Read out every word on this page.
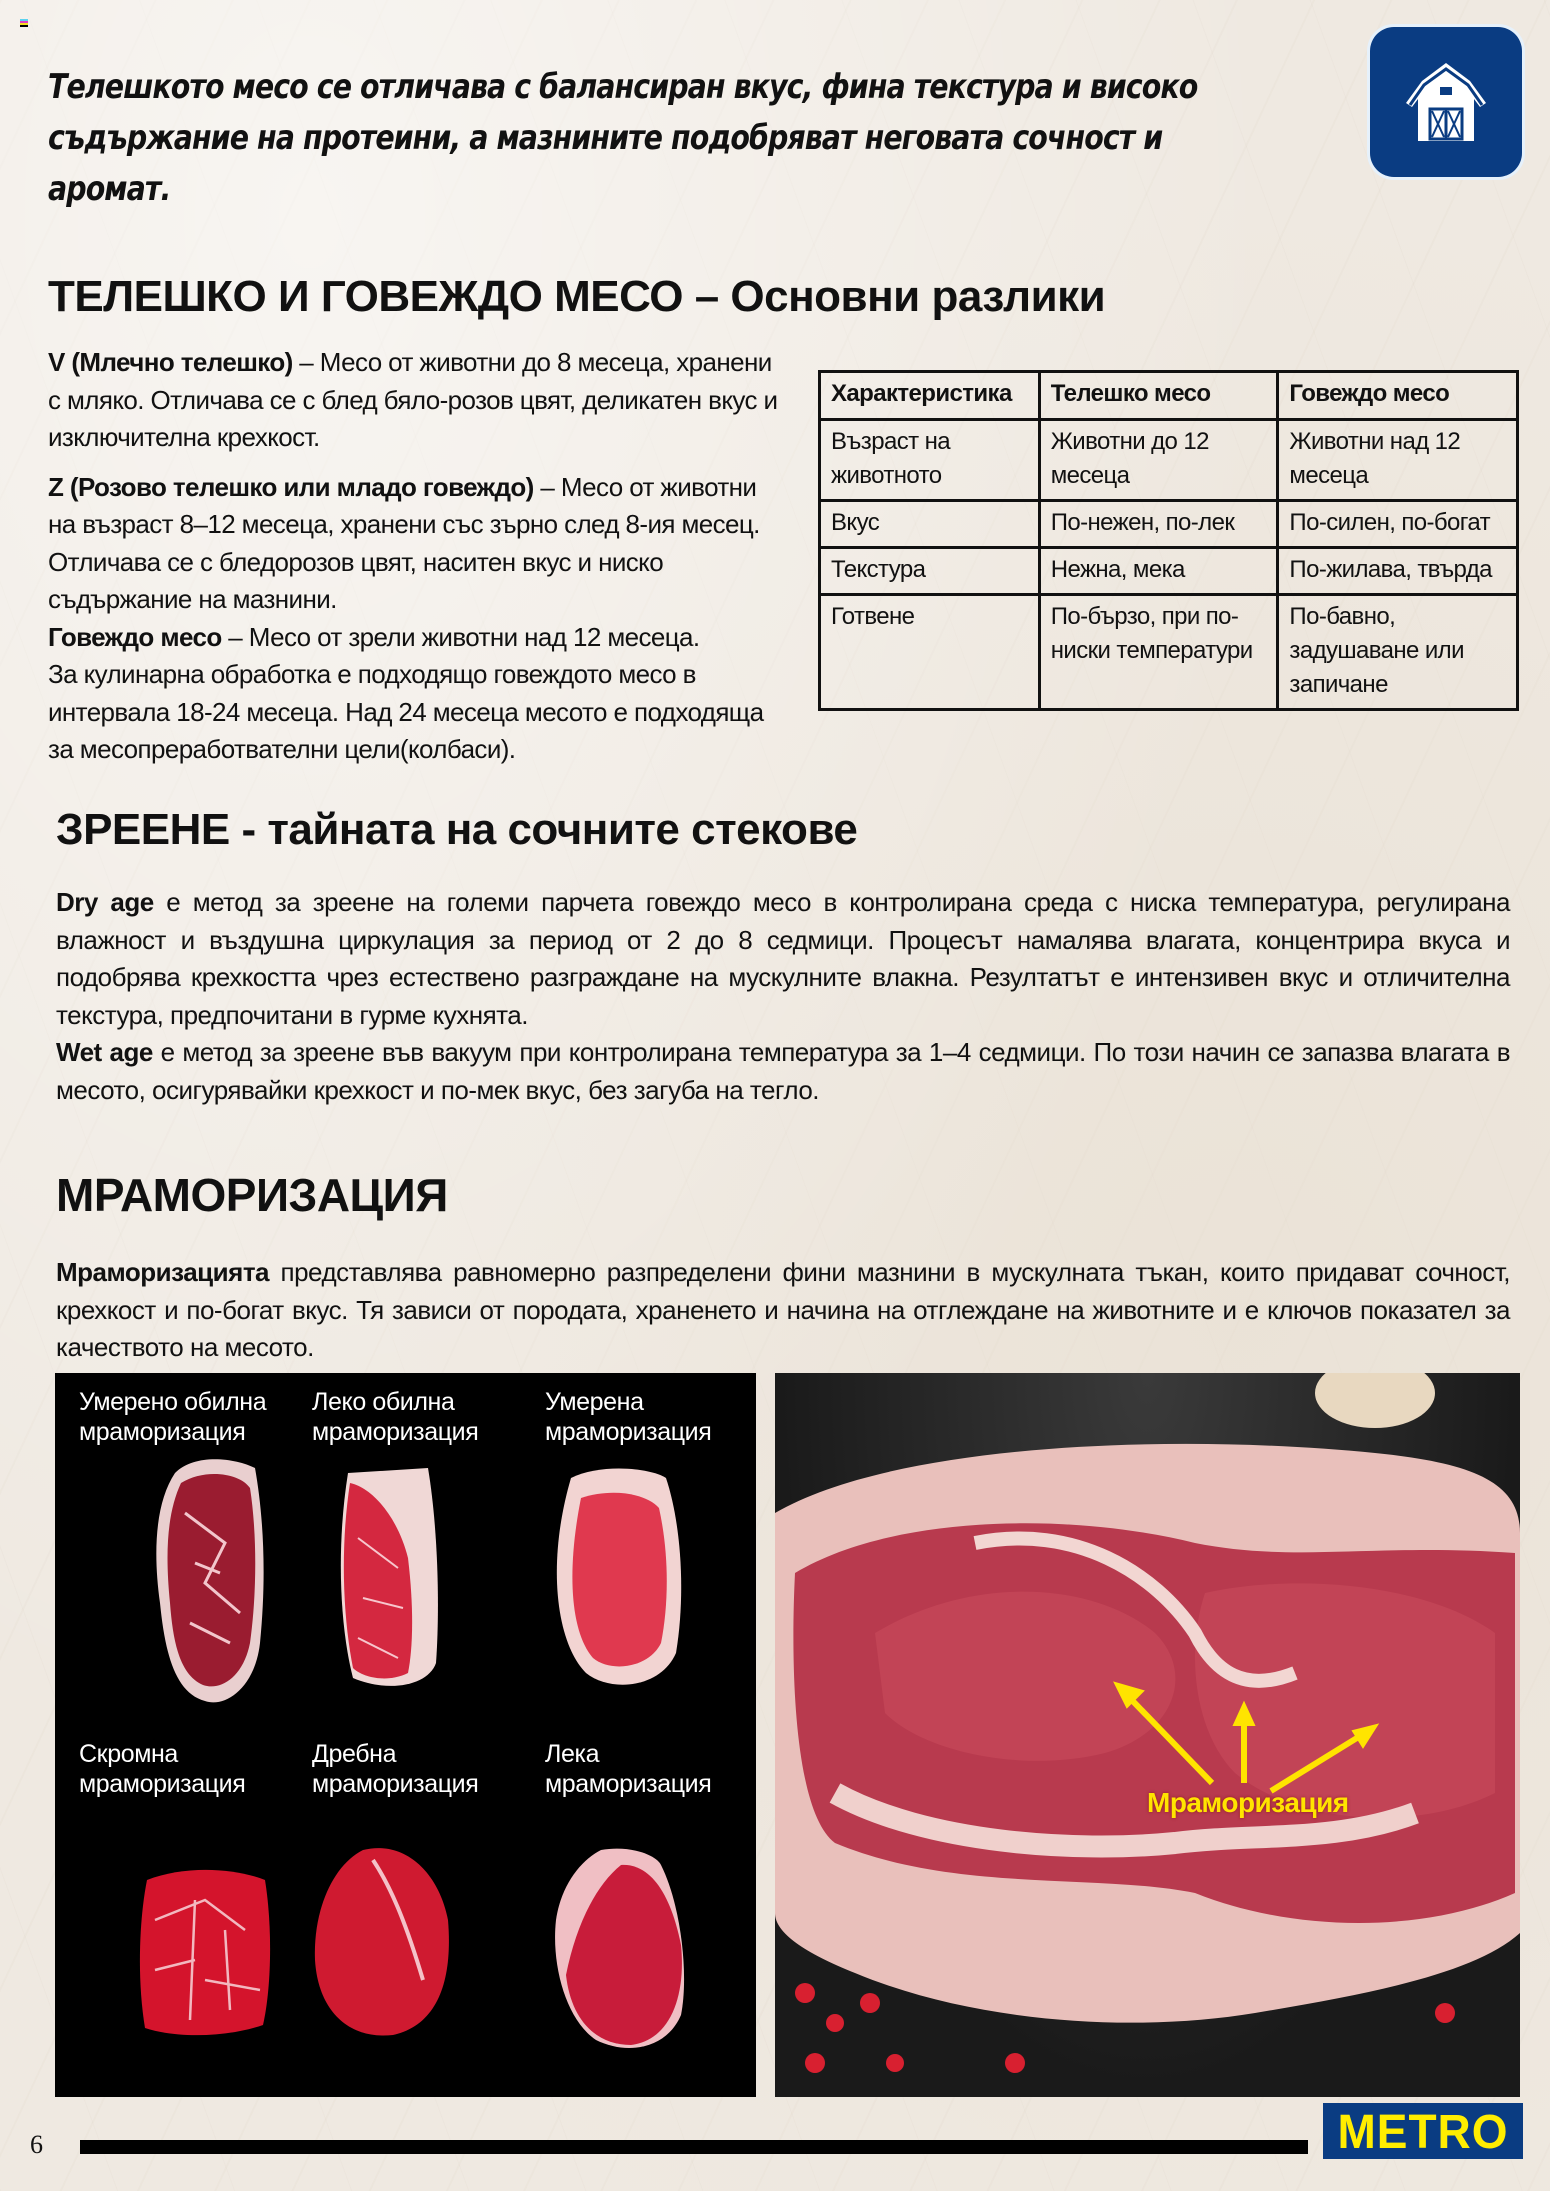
Телешкото месо се отличава с балансиран вкус, фина текстура и високо съдържание на протеини, а мазнините подобряват неговата сочност и аромат.
ТЕЛЕШКО И ГОВЕЖДО МЕСО – Основни разлики

V (Млечно телешко) – Месо от животни до 8 месеца, хранени с мляко. Отличава се с блед бяло-розов цвят, деликатен вкус и изключителна крехкост.

Z (Розово телешко или младо говеждо) – Месо от животни на възраст 8–12 месеца, хранени със зърно след 8-ия месец. Отличава се с бледорозов цвят, наситен вкус и ниско съдържание на мазнини.

Говеждо месо – Месо от зрели животни над 12 месеца.

За кулинарна обработка е подходящо говеждото месо в интервала 18-24 месеца. Над 24 месеца месото е подходяща за месопреработвателни цели(колбаси).

Характеристика	Телешко месо	Говеждо месо
Възраст на животното	Животни до 12 месеца	Животни над 12 месеца
Вкус	По-нежен, по-лек	По-силен, по-богат
Текстура	Нежна, мека	По-жилава, твърда
Готвене	По-бързо, при по-ниски температури	По-бавно, задушаване или запичане
ЗРЕЕНЕ - тайната на сочните стекове

Dry age е метод за зреене на големи парчета говеждо месо в контролирана среда с ниска температура, регулирана влажност и въздушна циркулация за период от 2 до 8 седмици. Процесът намалява влагата, концентрира вкуса и подобрява крехкостта чрез естествено разграждане на мускулните влакна. Резултатът е интензивен вкус и отличителна текстура, предпочитани в гурме кухнята.

Wet age е метод за зреене във вакуум при контролирана температура за 1–4 седмици. По този начин се запазва влагата в месото, осигурявайки крехкост и по-мек вкус, без загуба на тегло.

МРАМОРИЗАЦИЯ

Мраморизацията представлява равномерно разпределени фини мазнини в мускулната тъкан, които придават сочност, крехкост и по-богат вкус. Тя зависи от породата, храненето и начина на отглеждане на животните и е ключов показател за качеството на месото.

Умерено обилна
мраморизация
Леко обилна
мраморизация
Умерена
мраморизация
Скромна
мраморизация
Дребна
мраморизация
Лека
мраморизация
Мраморизация
6	METRO
